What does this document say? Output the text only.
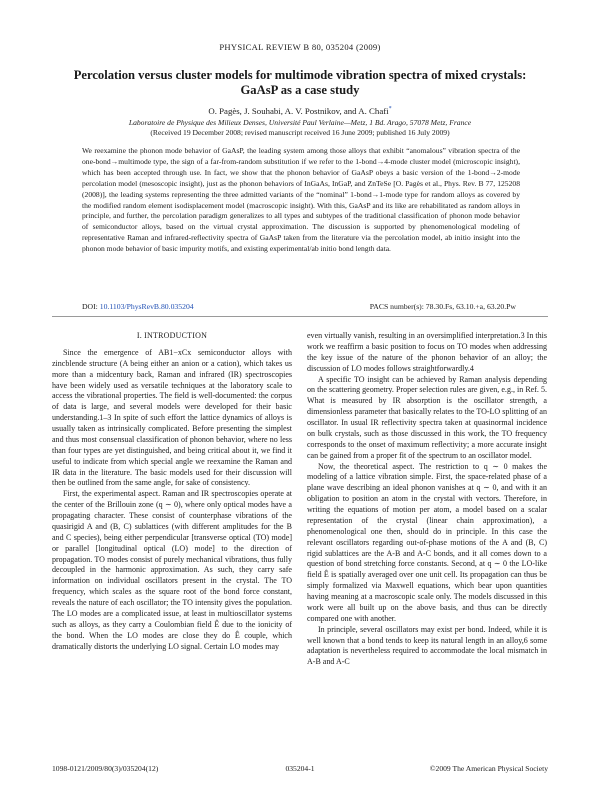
PHYSICAL REVIEW B 80, 035204 (2009)
Percolation versus cluster models for multimode vibration spectra of mixed crystals:
GaAsP as a case study
O. Pagès, J. Souhabi, A. V. Postnikov, and A. Chafi*
Laboratoire de Physique des Milieux Denses, Université Paul Verlaine—Metz, 1 Bd. Arago, 57078 Metz, France
(Received 19 December 2008; revised manuscript received 16 June 2009; published 16 July 2009)
We reexamine the phonon mode behavior of GaAsP, the leading system among those alloys that exhibit “anomalous” vibration spectra of the one-bond→multimode type, the sign of a far-from-random substitution if we refer to the 1-bond→4-mode cluster model (microscopic insight), which has been accepted through use. In fact, we show that the phonon behavior of GaAsP obeys a basic version of the 1-bond→2-mode percolation model (mesoscopic insight), just as the phonon behaviors of InGaAs, InGaP, and ZnTeSe [O. Pagès et al., Phys. Rev. B 77, 125208 (2008)], the leading systems representing the three admitted variants of the “nominal” 1-bond→1-mode type for random alloys as covered by the modified random element isodisplacement model (macroscopic insight). With this, GaAsP and its like are rehabilitated as random alloys in principle, and further, the percolation paradigm generalizes to all types and subtypes of the traditional classification of phonon mode behavior of semiconductor alloys, based on the virtual crystal approximation. The discussion is supported by phenomenological modeling of representative Raman and infrared-reflectivity spectra of GaAsP taken from the literature via the percolation model, ab initio insight into the phonon mode behavior of basic impurity motifs, and existing experimental/ab initio bond length data.
DOI: 10.1103/PhysRevB.80.035204	PACS number(s): 78.30.Fs, 63.10.+a, 63.20.Pw
I. INTRODUCTION

Since the emergence of AB1−xCx semiconductor alloys with zincblende structure (A being either an anion or a cation), which takes us more than a midcentury back, Raman and infrared (IR) spectroscopies have been widely used as versatile techniques at the laboratory scale to access the vibrational properties. The field is well-documented: the corpus of data is large, and several models were developed for their basic understanding.1–3 In spite of such effort the lattice dynamics of alloys is usually taken as intrinsically complicated. Before presenting the simplest and thus most consensual classification of phonon behavior, where no less than four types are yet distinguished, and being critical about it, we find it useful to indicate from which special angle we reexamine the Raman and IR data in the literature. The basic models used for their discussion will then be outlined from the same angle, for sake of consistency.

First, the experimental aspect. Raman and IR spectroscopies operate at the center of the Brillouin zone (q ∼ 0), where only optical modes have a propagating character. These consist of counterphase vibrations of the quasirigid A and (B, C) sublattices (with different amplitudes for the B and C species), being either perpendicular [transverse optical (TO) mode] or parallel [longitudinal optical (LO) mode] to the direction of propagation. TO modes consist of purely mechanical vibrations, thus fully decoupled in the harmonic approximation. As such, they carry safe information on individual oscillators present in the crystal. The TO frequency, which scales as the square root of the bond force constant, reveals the nature of each oscillator; the TO intensity gives the population. The LO modes are a complicated issue, at least in multioscillator systems such as alloys, as they carry a Coulombian field Ê due to the ionicity of the bond. When the LO modes are close they do Ê couple, which dramatically distorts the underlying LO signal. Certain LO modes may

even virtually vanish, resulting in an oversimplified interpretation.3 In this work we reaffirm a basic position to focus on TO modes when addressing the key issue of the nature of the phonon behavior of an alloy; the discussion of LO modes follows straightforwardly.4

A specific TO insight can be achieved by Raman analysis depending on the scattering geometry. Proper selection rules are given, e.g., in Ref. 5. What is measured by IR absorption is the oscillator strength, a dimensionless parameter that basically relates to the TO-LO splitting of an oscillator. In usual IR reflectivity spectra taken at quasinormal incidence on bulk crystals, such as those discussed in this work, the TO frequency corresponds to the onset of maximum reflectivity; a more accurate insight can be gained from a proper fit of the spectrum to an oscillator model.

Now, the theoretical aspect. The restriction to q ∼ 0 makes the modeling of a lattice vibration simple. First, the space-related phase of a plane wave describing an ideal phonon vanishes at q ∼ 0, and with it an obligation to position an atom in the crystal with vectors. Therefore, in writing the equations of motion per atom, a model based on a scalar representation of the crystal (linear chain approximation), a phenomenological one then, should do in principle. In this case the relevant oscillators regarding out-of-phase motions of the A and (B, C) rigid sublattices are the A-B and A-C bonds, and it all comes down to a question of bond stretching force constants. Second, at q ∼ 0 the LO-like field Ê is spatially averaged over one unit cell. Its propagation can thus be simply formalized via Maxwell equations, which bear upon quantities having meaning at a macroscopic scale only. The models discussed in this work were all built up on the above basis, and thus can be directly compared one with another.

In principle, several oscillators may exist per bond. Indeed, while it is well known that a bond tends to keep its natural length in an alloy,6 some adaptation is nevertheless required to accommodate the local mismatch in A-B and A-C

1098-0121/2009/80(3)/035204(12)	035204-1	©2009 The American Physical Society
